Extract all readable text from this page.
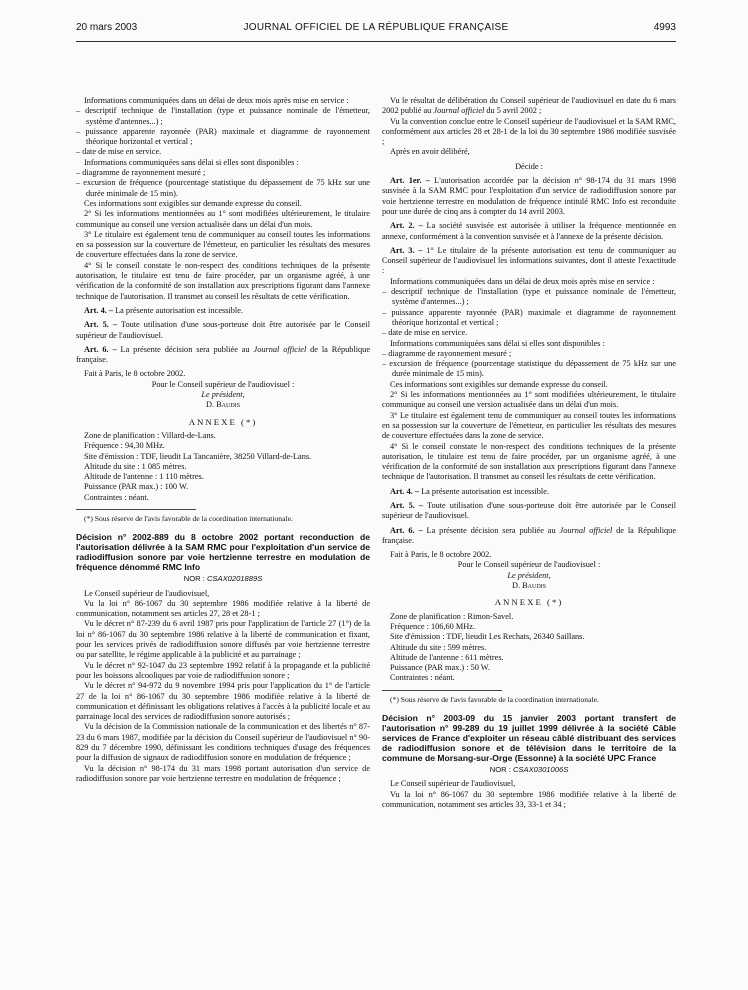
20 mars 2003	JOURNAL OFFICIEL DE LA RÉPUBLIQUE FRANÇAISE	4993

Informations communiquées dans un délai de deux mois après mise en service :

– descriptif technique de l'installation (type et puissance nominale de l'émetteur, système d'antennes...) ;

– puissance apparente rayonnée (PAR) maximale et diagramme de rayonnement théorique horizontal et vertical ;

– date de mise en service.

Informations communiquées sans délai si elles sont disponibles :

– diagramme de rayonnement mesuré ;

– excursion de fréquence (pourcentage statistique du dépassement de 75 kHz sur une durée minimale de 15 min).

Ces informations sont exigibles sur demande expresse du conseil.

2° Si les informations mentionnées au 1° sont modifiées ultérieurement, le titulaire communique au conseil une version actualisée dans un délai d'un mois.

3° Le titulaire est également tenu de communiquer au conseil toutes les informations en sa possession sur la couverture de l'émetteur, en particulier les résultats des mesures de couverture effectuées dans la zone de service.

4° Si le conseil constate le non-respect des conditions techniques de la présente autorisation, le titulaire est tenu de faire procéder, par un organisme agréé, à une vérification de la conformité de son installation aux prescriptions figurant dans l'annexe technique de l'autorisation. Il transmet au conseil les résultats de cette vérification.

Art. 4. – La présente autorisation est incessible.

Art. 5. – Toute utilisation d'une sous-porteuse doit être autorisée par le Conseil supérieur de l'audiovisuel.

Art. 6. – La présente décision sera publiée au Journal officiel de la République française.

Fait à Paris, le 8 octobre 2002.

Pour le Conseil supérieur de l'audiovisuel :

Le président,

D. Baudis

ANNEXE (*)

Zone de planification : Villard-de-Lans.

Fréquence : 94,30 MHz.

Site d'émission : TDF, lieudit La Tancanière, 38250 Villard-de-Lans.

Altitude du site : 1 085 mètres.

Altitude de l'antenne : 1 110 mètres.

Puissance (PAR max.) : 100 W.

Contraintes : néant.

(*) Sous réserve de l'avis favorable de la coordination internationale.

Décision n° 2002-889 du 8 octobre 2002 portant reconduction de l'autorisation délivrée à la SAM RMC pour l'exploitation d'un service de radiodiffusion sonore par voie hertzienne terrestre en modulation de fréquence dénommé RMC Info

NOR : CSAX0201889S

Le Conseil supérieur de l'audiovisuel,

Vu la loi n° 86-1067 du 30 septembre 1986 modifiée relative à la liberté de communication, notamment ses articles 27, 28 et 28-1 ;

Vu le décret n° 87-239 du 6 avril 1987 pris pour l'application de l'article 27 (1°) de la loi n° 86-1067 du 30 septembre 1986 relative à la liberté de communication et fixant, pour les services privés de radiodiffusion sonore diffusés par voie hertzienne terrestre ou par satellite, le régime applicable à la publicité et au parrainage ;

Vu le décret n° 92-1047 du 23 septembre 1992 relatif à la propagande et la publicité pour les boissons alcooliques par voie de radiodiffusion sonore ;

Vu le décret n° 94-972 du 9 novembre 1994 pris pour l'application du 1° de l'article 27 de la loi n° 86-1067 du 30 septembre 1986 modifiée relative à la liberté de communication et définissant les obligations relatives à l'accès à la publicité locale et au parrainage local des services de radiodiffusion sonore autorisés ;

Vu la décision de la Commission nationale de la communication et des libertés n° 87-23 du 6 mars 1987, modifiée par la décision du Conseil supérieur de l'audiovisuel n° 90-829 du 7 décembre 1990, définissant les conditions techniques d'usage des fréquences pour la diffusion de signaux de radiodiffusion sonore en modulation de fréquence ;

Vu la décision n° 98-174 du 31 mars 1998 portant autorisation d'un service de radiodiffusion sonore par voie hertzienne terrestre en modulation de fréquence ;

Vu le résultat de délibération du Conseil supérieur de l'audiovisuel en date du 6 mars 2002 publié au Journal officiel du 5 avril 2002 ;

Vu la convention conclue entre le Conseil supérieur de l'audiovisuel et la SAM RMC, conformément aux articles 28 et 28-1 de la loi du 30 septembre 1986 modifiée susvisée ;

Après en avoir délibéré,

Décide :

Art. 1er. – L'autorisation accordée par la décision n° 98-174 du 31 mars 1998 susvisée à la SAM RMC pour l'exploitation d'un service de radiodiffusion sonore par voie hertzienne terrestre en modulation de fréquence intitulé RMC Info est reconduite pour une durée de cinq ans à compter du 14 avril 2003.

Art. 2. – La société susvisée est autorisée à utiliser la fréquence mentionnée en annexe, conformément à la convention susvisée et à l'annexe de la présente décision.

Art. 3. – 1° Le titulaire de la présente autorisation est tenu de communiquer au Conseil supérieur de l'audiovisuel les informations suivantes, dont il atteste l'exactitude :

Informations communiquées dans un délai de deux mois après mise en service :

– descriptif technique de l'installation (type et puissance nominale de l'émetteur, système d'antennes...) ;

– puissance apparente rayonnée (PAR) maximale et diagramme de rayonnement théorique horizontal et vertical ;

– date de mise en service.

Informations communiquées sans délai si elles sont disponibles :

– diagramme de rayonnement mesuré ;

– excursion de fréquence (pourcentage statistique du dépassement de 75 kHz sur une durée minimale de 15 min).

Ces informations sont exigibles sur demande expresse du conseil.

2° Si les informations mentionnées au 1° sont modifiées ultérieurement, le titulaire communique au conseil une version actualisée dans un délai d'un mois.

3° Le titulaire est également tenu de communiquer au conseil toutes les informations en sa possession sur la couverture de l'émetteur, en particulier les résultats des mesures de couverture effectuées dans la zone de service.

4° Si le conseil constate le non-respect des conditions techniques de la présente autorisation, le titulaire est tenu de faire procéder, par un organisme agréé, à une vérification de la conformité de son installation aux prescriptions figurant dans l'annexe technique de l'autorisation. Il transmet au conseil les résultats de cette vérification.

Art. 4. – La présente autorisation est incessible.

Art. 5. – Toute utilisation d'une sous-porteuse doit être autorisée par le Conseil supérieur de l'audiovisuel.

Art. 6. – La présente décision sera publiée au Journal officiel de la République française.

Fait à Paris, le 8 octobre 2002.

Pour le Conseil supérieur de l'audiovisuel :

Le président,

D. Baudis

ANNEXE (*)

Zone de planification : Rimon-Savel.

Fréquence : 106,60 MHz.

Site d'émission : TDF, lieudit Les Rechats, 26340 Saillans.

Altitude du site : 599 mètres.

Altitude de l'antenne : 611 mètres.

Puissance (PAR max.) : 50 W.

Contraintes : néant.

(*) Sous réserve de l'avis favorable de la coordination internationale.

Décision n° 2003-09 du 15 janvier 2003 portant transfert de l'autorisation n° 99-289 du 19 juillet 1999 délivrée à la société Câble services de France d'exploiter un réseau câblé distribuant des services de radiodiffusion sonore et de télévision dans le territoire de la commune de Morsang-sur-Orge (Essonne) à la société UPC France

NOR : CSAX0301006S

Le Conseil supérieur de l'audiovisuel,

Vu la loi n° 86-1067 du 30 septembre 1986 modifiée relative à la liberté de communication, notamment ses articles 33, 33-1 et 34 ;
